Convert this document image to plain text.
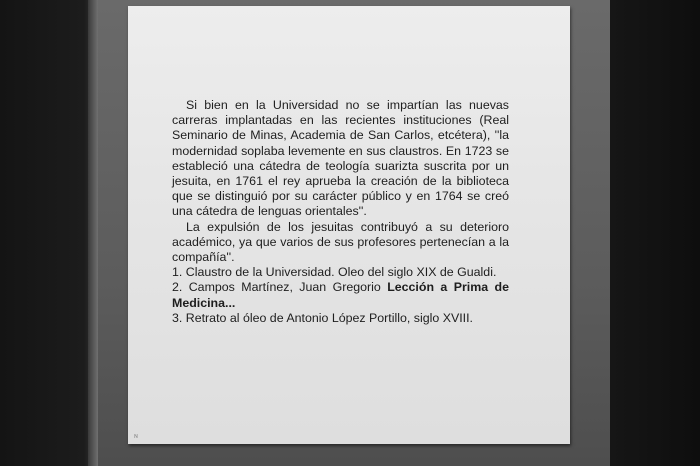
Si bien en la Universidad no se impartían las nuevas carreras implantadas en las recientes instituciones (Real Seminario de Minas, Academia de San Carlos, etcétera), ''la modernidad soplaba levemente en sus claustros. En 1723 se estableció una cátedra de teología suarizta suscrita por un jesuita, en 1761 el rey aprueba la creación de la biblioteca que se distinguió por su carácter público y en 1764 se creó una cátedra de lenguas orientales''.

La expulsión de los jesuitas contribuyó a su deterioro académico, ya que varios de sus profesores pertenecían a la compañía''.

1. Claustro de la Universidad. Oleo del siglo XIX de Gualdi.

2. Campos Martínez, Juan Gregorio Lección a Prima de Medicina...

3. Retrato al óleo de Antonio López Portillo, siglo XVIII.

ɴ
